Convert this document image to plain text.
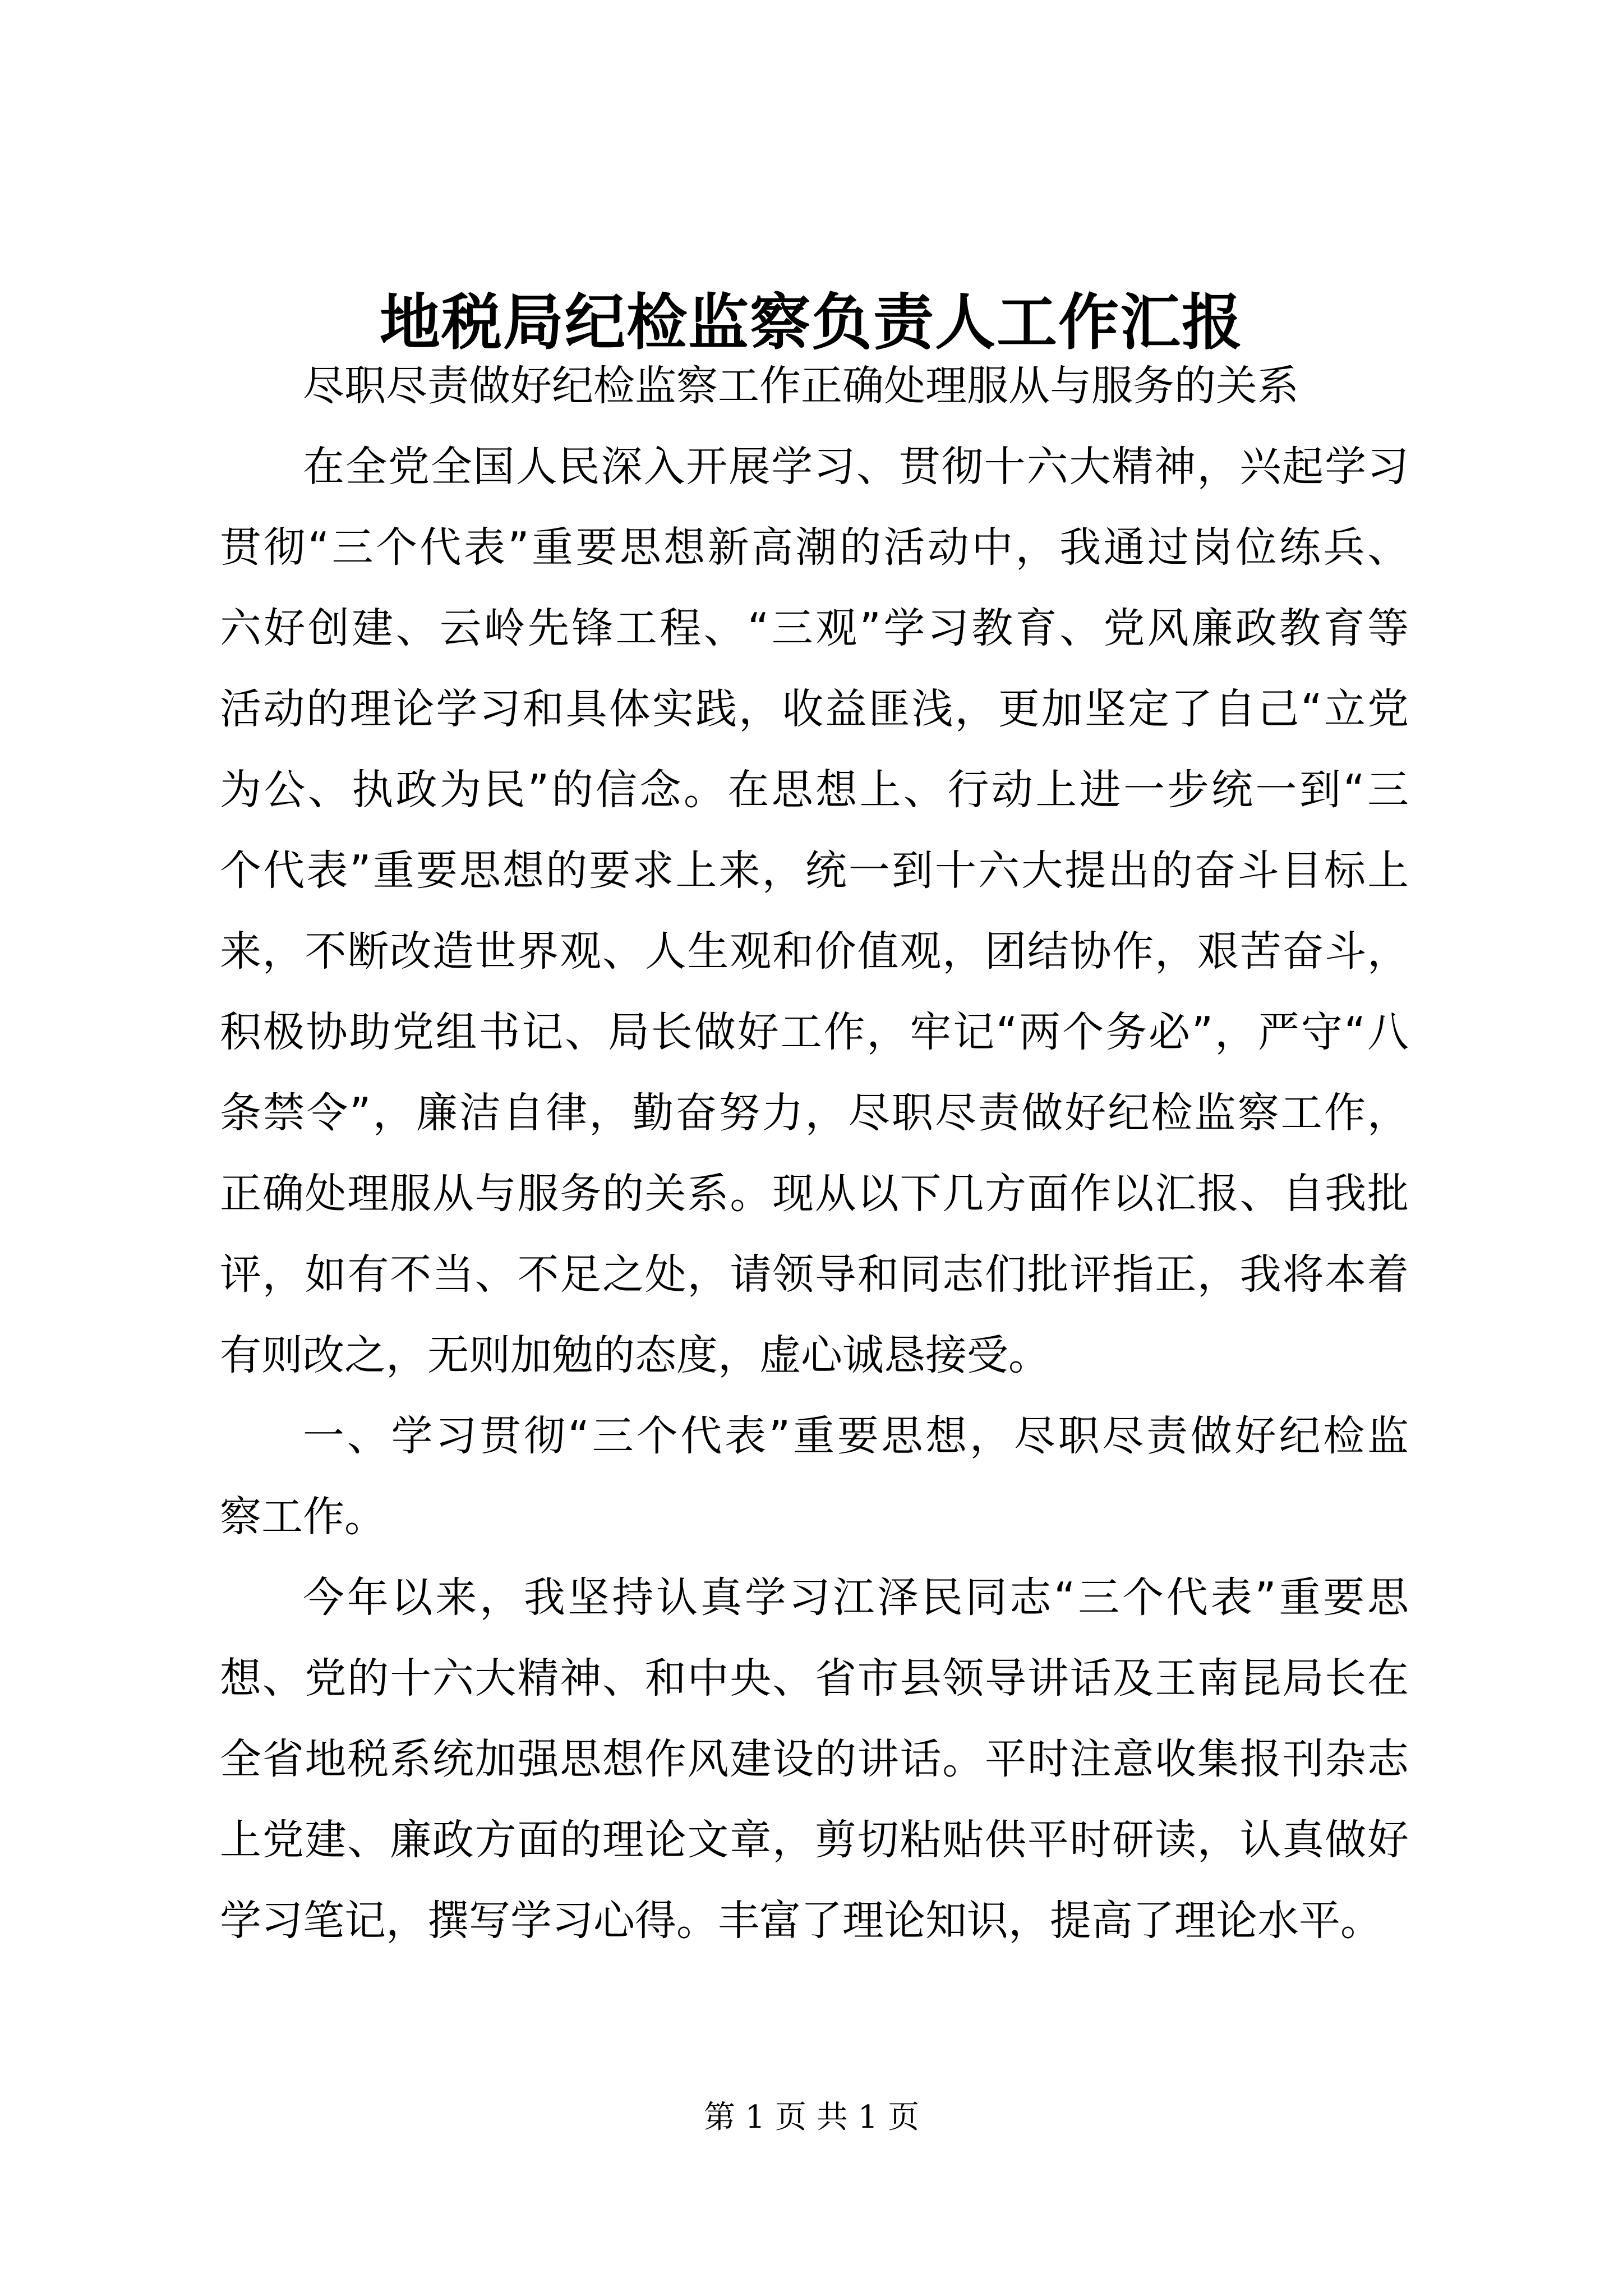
地税局纪检监察负责人工作汇报
尽职尽责做好纪检监察工作正确处理服从与服务的关系
在全党全国人民深入开展学习、贯彻十六大精神，兴起学习
贯彻“三个代表”重要思想新高潮的活动中，我通过岗位练兵、
六好创建、云岭先锋工程、“三观”学习教育、党风廉政教育等
活动的理论学习和具体实践，收益匪浅，更加坚定了自己“立党
为公、执政为民”的信念。在思想上、行动上进一步统一到“三
个代表”重要思想的要求上来，统一到十六大提出的奋斗目标上
来，不断改造世界观、人生观和价值观，团结协作，艰苦奋斗，
积极协助党组书记、局长做好工作，牢记“两个务必”，严守“八
条禁令”，廉洁自律，勤奋努力，尽职尽责做好纪检监察工作，
正确处理服从与服务的关系。现从以下几方面作以汇报、自我批
评，如有不当、不足之处，请领导和同志们批评指正，我将本着
有则改之，无则加勉的态度，虚心诚恳接受。
一、学习贯彻“三个代表”重要思想，尽职尽责做好纪检监
察工作。
今年以来，我坚持认真学习江泽民同志“三个代表”重要思
想、党的十六大精神、和中央、省市县领导讲话及王南昆局长在
全省地税系统加强思想作风建设的讲话。平时注意收集报刊杂志
上党建、廉政方面的理论文章，剪切粘贴供平时研读，认真做好
学习笔记，撰写学习心得。丰富了理论知识，提高了理论水平。
第 1 页 共 1 页
